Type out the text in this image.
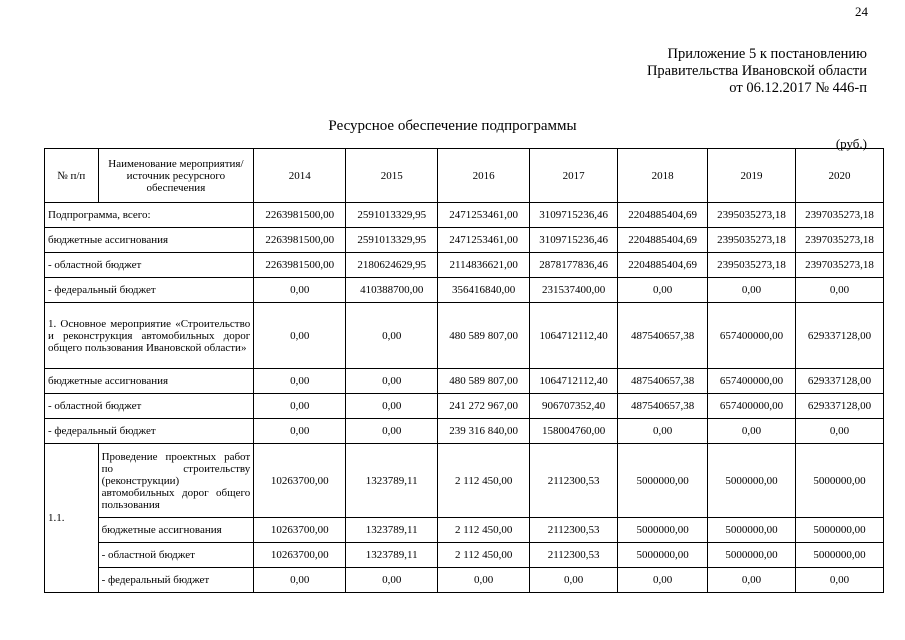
24
Приложение 5 к постановлению
Правительства Ивановской области
от 06.12.2017 № 446-п
Ресурсное обеспечение подпрограммы
(руб.)
№ п/п	Наименование мероприятия/источник ресурсного обеспечения	2014	2015	2016	2017	2018	2019	2020
Подпрограмма, всего:		2263981500,00	2591013329,95	2471253461,00	3109715236,46	2204885404,69	2395035273,18	2397035273,18
бюджетные ассигнования		2263981500,00	2591013329,95	2471253461,00	3109715236,46	2204885404,69	2395035273,18	2397035273,18
- областной бюджет		2263981500,00	2180624629,95	2114836621,00	2878177836,46	2204885404,69	2395035273,18	2397035273,18
- федеральный бюджет		0,00	410388700,00	356416840,00	231537400,00	0,00	0,00	0,00
1. Основное мероприятие «Строительство и реконструкция автомобильных дорог общего пользования Ивановской области»		0,00	0,00	480 589 807,00	1064712112,40	487540657,38	657400000,00	629337128,00
бюджетные ассигнования		0,00	0,00	480 589 807,00	1064712112,40	487540657,38	657400000,00	629337128,00
- областной бюджет		0,00	0,00	241 272 967,00	906707352,40	487540657,38	657400000,00	629337128,00
- федеральный бюджет		0,00	0,00	239 316 840,00	158004760,00	0,00	0,00	0,00
1.1.	Проведение проектных работ по строительству (реконструкции) автомобильных дорог общего пользования	10263700,00	1323789,11	2 112 450,00	2112300,53	5000000,00	5000000,00	5000000,00
	бюджетные ассигнования	10263700,00	1323789,11	2 112 450,00	2112300,53	5000000,00	5000000,00	5000000,00
	- областной бюджет	10263700,00	1323789,11	2 112 450,00	2112300,53	5000000,00	5000000,00	5000000,00
	- федеральный бюджет	0,00	0,00	0,00	0,00	0,00	0,00	0,00
